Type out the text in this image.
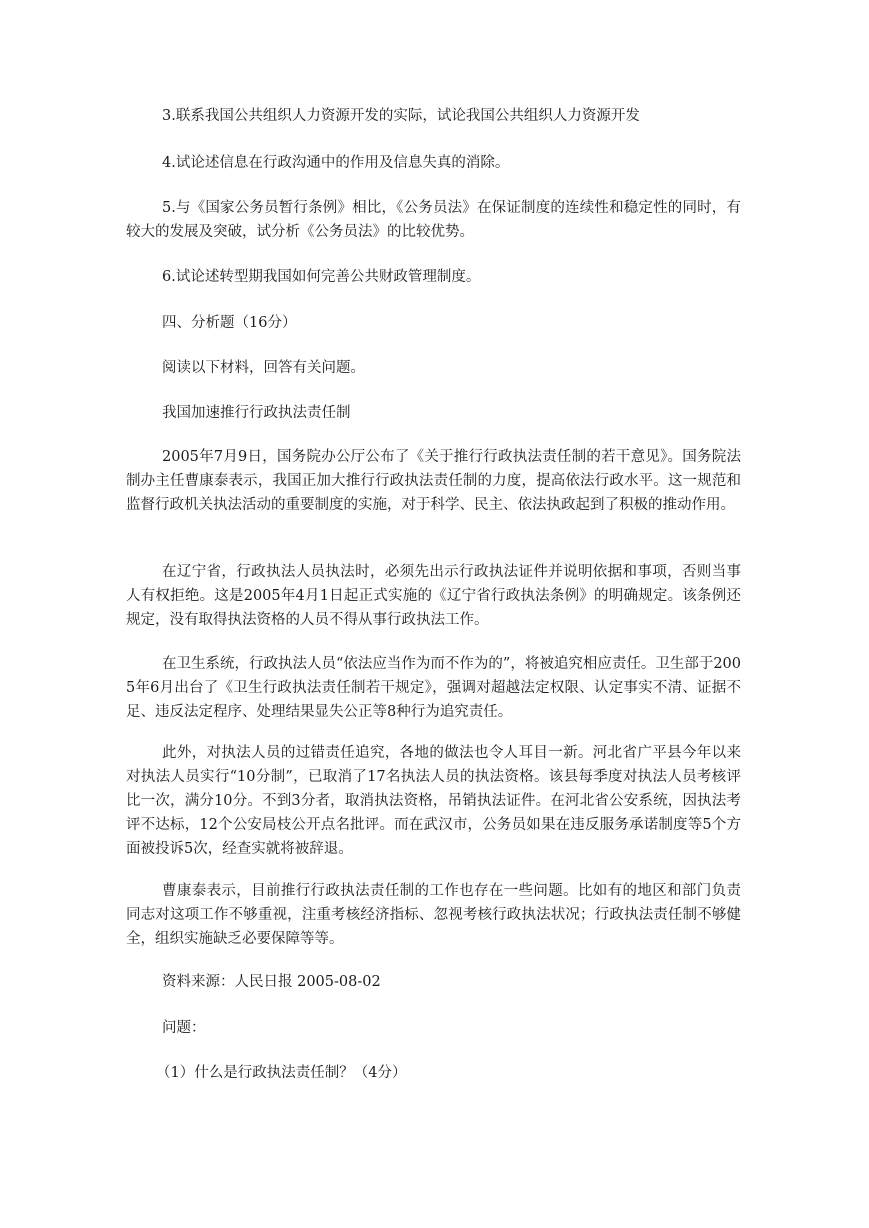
3.联系我国公共组织人力资源开发的实际，试论我国公共组织人力资源开发

4.试论述信息在行政沟通中的作用及信息失真的消除。

5.与《国家公务员暂行条例》相比，《公务员法》在保证制度的连续性和稳定性的同时，有较大的发展及突破，试分析《公务员法》的比较优势。

6.试论述转型期我国如何完善公共财政管理制度。

四、分析题（16分）

阅读以下材料，回答有关问题。

我国加速推行行政执法责任制

2005年7月9日，国务院办公厅公布了《关于推行行政执法责任制的若干意见》。国务院法制办主任曹康泰表示，我国正加大推行行政执法责任制的力度，提高依法行政水平。这一规范和监督行政机关执法活动的重要制度的实施，对于科学、民主、依法执政起到了积极的推动作用。

在辽宁省，行政执法人员执法时，必须先出示行政执法证件并说明依据和事项，否则当事人有权拒绝。这是2005年4月1日起正式实施的《辽宁省行政执法条例》的明确规定。该条例还规定，没有取得执法资格的人员不得从事行政执法工作。

在卫生系统，行政执法人员“依法应当作为而不作为的”，将被追究相应责任。卫生部于2005年6月出台了《卫生行政执法责任制若干规定》，强调对超越法定权限、认定事实不清、证据不足、违反法定程序、处理结果显失公正等8种行为追究责任。

此外，对执法人员的过错责任追究，各地的做法也令人耳目一新。河北省广平县今年以来对执法人员实行“10分制”，已取消了17名执法人员的执法资格。该县每季度对执法人员考核评比一次，满分10分。不到3分者，取消执法资格，吊销执法证件。在河北省公安系统，因执法考评不达标，12个公安局枝公开点名批评。而在武汉市，公务员如果在违反服务承诺制度等5个方面被投诉5次，经查实就将被辞退。

曹康泰表示，目前推行行政执法责任制的工作也存在一些问题。比如有的地区和部门负责同志对这项工作不够重视，注重考核经济指标、忽视考核行政执法状况；行政执法责任制不够健全，组织实施缺乏必要保障等等。

资料来源：人民日报 2005-08-02

问题：

（1）什么是行政执法责任制？（4分）
